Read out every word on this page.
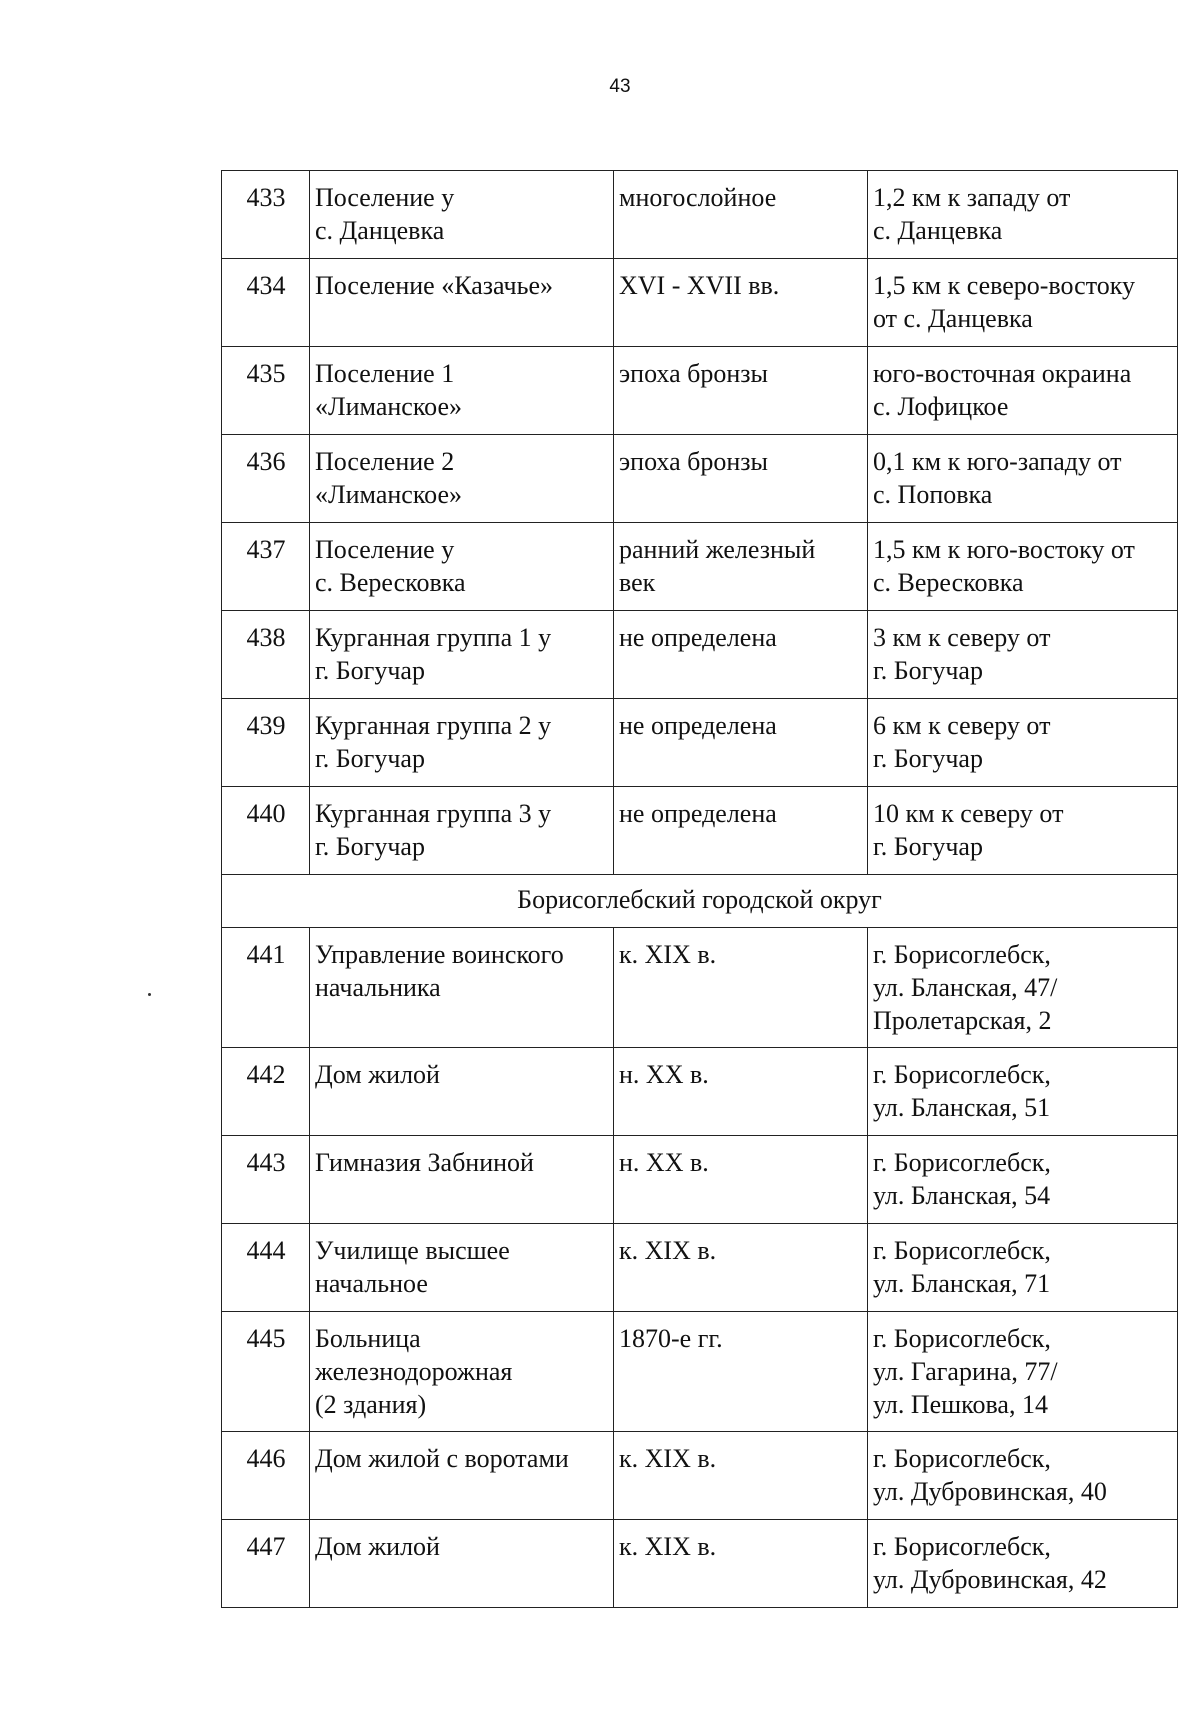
43
433	Поселение у
с. Данцевка	многослойное	1,2 км к западу от
с. Данцевка

434	Поселение «Казачье»	XVI - XVII вв.	1,5 км к северо-востоку
от с. Данцевка

435	Поселение 1
«Лиманское»	эпоха бронзы	юго-восточная окраина
с. Лофицкое

436	Поселение 2
«Лиманское»	эпоха бронзы	0,1 км к юго-западу от
с. Поповка

437	Поселение у
с. Вересковка	ранний железный
век	1,5 км к юго-востоку от
с. Вересковка

438	Курганная группа 1 у
г. Богучар	не определена	3 км к северу от
г. Богучар

439	Курганная группа 2 у
г. Богучар	не определена	6 км к северу от
г. Богучар

440	Курганная группа 3 у
г. Богучар	не определена	10 км к северу от
г. Богучар

Борисоглебский городской округ			
441	Управление воинского
начальника	к. XIX в.	г. Борисоглебск,
ул. Бланская, 47/
Пролетарская, 2

442	Дом жилой	н. XX в.	г. Борисоглебск,
ул. Бланская, 51

443	Гимназия Забниной	н. XX в.	г. Борисоглебск,
ул. Бланская, 54

444	Училище высшее
начальное	к. XIX в.	г. Борисоглебск,
ул. Бланская, 71

445	Больница
железнодорожная
(2 здания)	1870-е гг.	г. Борисоглебск,
ул. Гагарина, 77/
ул. Пешкова, 14

446	Дом жилой с воротами	к. XIX в.	г. Борисоглебск,
ул. Дубровинская, 40

447	Дом жилой	к. XIX в.	г. Борисоглебск,
ул. Дубровинская, 42
